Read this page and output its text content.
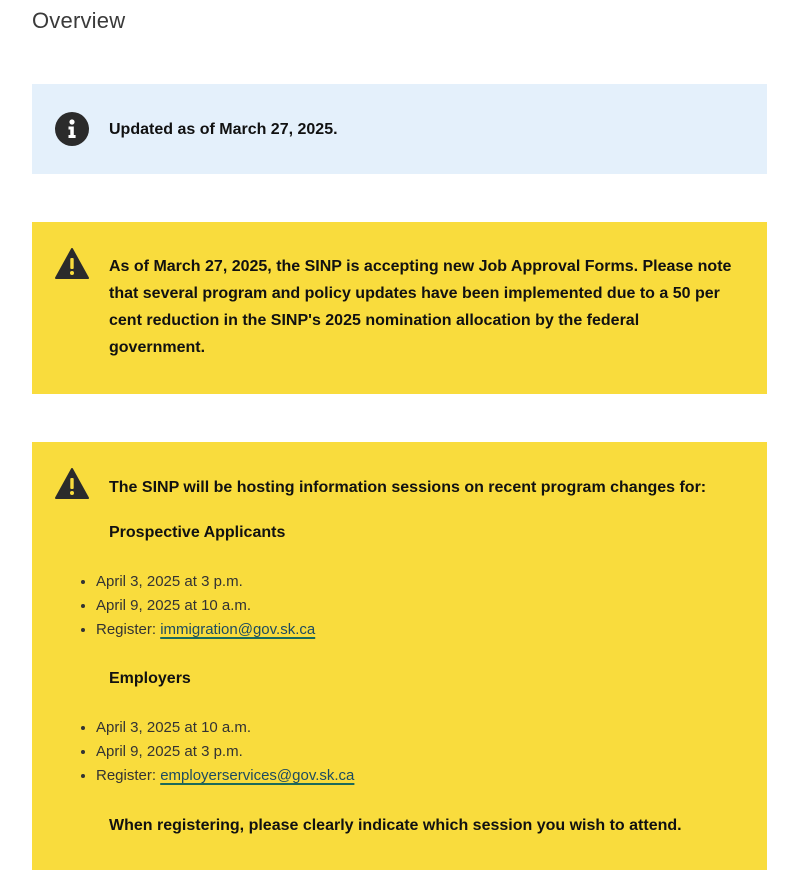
Overview
Updated as of March 27, 2025.
As of March 27, 2025, the SINP is accepting new Job Approval Forms. Please note that several program and policy updates have been implemented due to a 50 per cent reduction in the SINP's 2025 nomination allocation by the federal government.
The SINP will be hosting information sessions on recent program changes for:
Prospective Applicants
• April 3, 2025 at 3 p.m.
• April 9, 2025 at 10 a.m.
• Register: immigration@gov.sk.ca
Employers
• April 3, 2025 at 10 a.m.
• April 9, 2025 at 3 p.m.
• Register: employerservices@gov.sk.ca
When registering, please clearly indicate which session you wish to attend.
